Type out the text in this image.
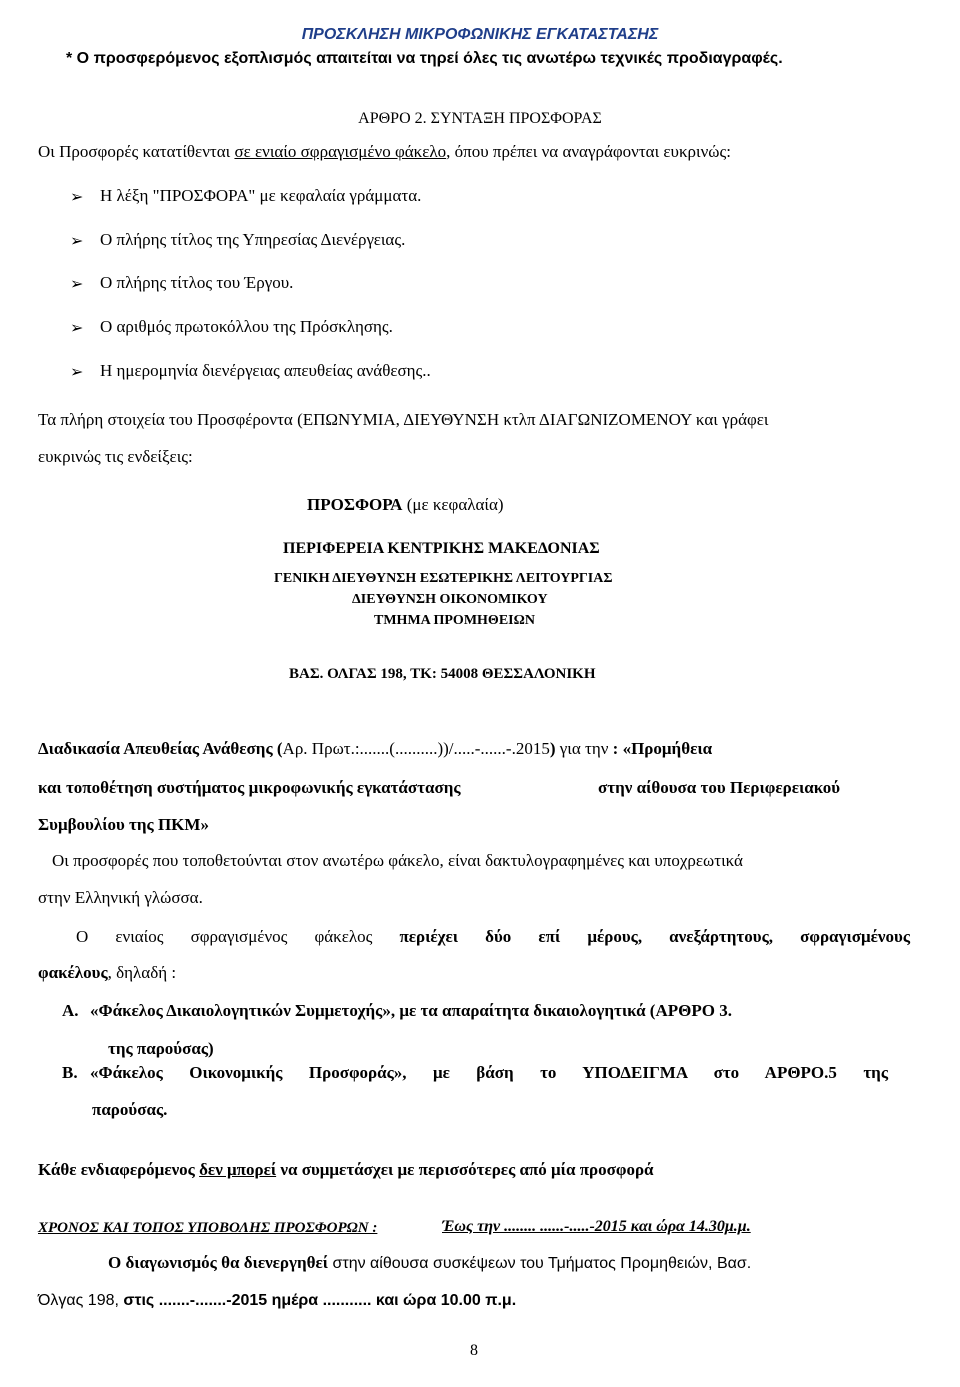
ΠΡΟΣΚΛΗΣΗ ΜΙΚΡΟΦΩΝΙΚΗΣ ΕΓΚΑΤΑΣΤΑΣΗΣ
* Ο προσφερόμενος εξοπλισμός απαιτείται να τηρεί όλες τις ανωτέρω τεχνικές προδιαγραφές.
ΑΡΘΡΟ 2. ΣΥΝΤΑΞΗ ΠΡΟΣΦΟΡΑΣ
Οι Προσφορές κατατίθενται σε ενιαίο σφραγισμένο φάκελο, όπου πρέπει να αναγράφονται ευκρινώς:
➢ Η λέξη "ΠΡΟΣΦΟΡΑ" με κεφαλαία γράμματα.
➢ Ο πλήρης τίτλος της Υπηρεσίας Διενέργειας.
➢ Ο πλήρης τίτλος του Έργου.
➢ Ο αριθμός πρωτοκόλλου της Πρόσκλησης.
➢ Η ημερομηνία διενέργειας απευθείας ανάθεσης..
Τα πλήρη στοιχεία του Προσφέροντα (ΕΠΩΝΥΜΙΑ, ΔΙΕΥΘΥΝΣΗ κτλπ ΔΙΑΓΩΝΙΖΟΜΕΝΟΥ και γράφει
ευκρινώς τις ενδείξεις:
ΠΡΟΣΦΟΡΑ (με κεφαλαία)
ΠΕΡΙΦΕΡΕΙΑ ΚΕΝΤΡΙΚΗΣ ΜΑΚΕΔΟΝΙΑΣ
ΓΕΝΙΚΗ ΔΙΕΥΘΥΝΣΗ ΕΣΩΤΕΡΙΚΗΣ ΛΕΙΤΟΥΡΓΙΑΣ
ΔΙΕΥΘΥΝΣΗ ΟΙΚΟΝΟΜΙΚΟΥ
ΤΜΗΜΑ ΠΡΟΜΗΘΕΙΩΝ
ΒΑΣ. ΟΛΓΑΣ 198, ΤΚ: 54008 ΘΕΣΣΑΛΟΝΙΚΗ
Διαδικασία Απευθείας Ανάθεσης (Αρ. Πρωτ.:.......(..........))/.....-......-.2015) για την : «Προμήθεια
και τοποθέτηση συστήματος μικροφωνικής εγκατάστασης	στην αίθουσα του Περιφερειακού
Συμβουλίου της ΠΚΜ»
Οι προσφορές που τοποθετούνται στον ανωτέρω φάκελο, είναι δακτυλογραφημένες και υποχρεωτικά
στην Ελληνική γλώσσα.
Ο ενιαίος σφραγισμένος φάκελος περιέχει δύο επί μέρους, ανεξάρτητους, σφραγισμένους
φακέλους, δηλαδή :
Α. «Φάκελος Δικαιολογητικών Συμμετοχής», με τα απαραίτητα δικαιολογητικά (ΑΡΘΡΟ 3.
της παρούσας)
Β. «Φάκελος Οικονομικής Προσφοράς», με βάση το ΥΠΟΔΕΙΓΜΑ στο ΑΡΘΡΟ.5 της
παρούσας.
Κάθε ενδιαφερόμενος δεν μπορεί να συμμετάσχει με περισσότερες από μία προσφορά
ΧΡΟΝΟΣ ΚΑΙ ΤΟΠΟΣ ΥΠΟΒΟΛΗΣ ΠΡΟΣΦΟΡΩΝ :	Έως την ........ ......-.....-2015 και ώρα 14.30μ.μ.
Ο διαγωνισμός θα διενεργηθεί στην αίθουσα συσκέψεων του Τμήματος Προμηθειών, Βασ.
Όλγας 198, στις .......-.......-2015 ημέρα ........... και ώρα 10.00 π.μ.
8
